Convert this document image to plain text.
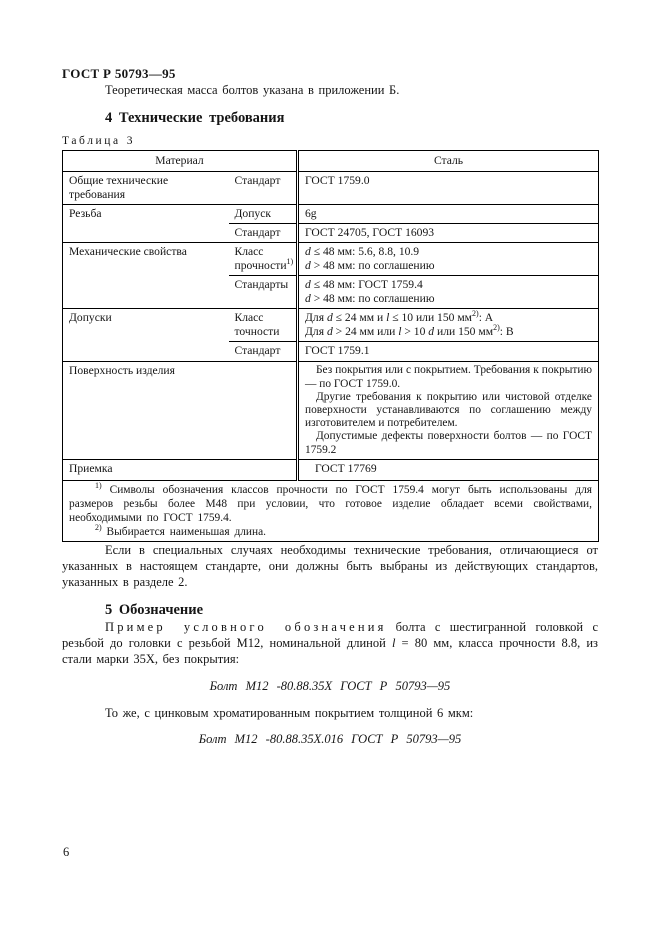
ГОСТ Р 50793—95

Теоретическая масса болтов указана в приложении Б.

4 Технические требования
Таблица 3
Материал		Сталь
Общие технические требования	Стандарт	ГОСТ 1759.0
Резьба	Допуск	6g
	Стандарт	ГОСТ 24705, ГОСТ 16093
Механические свойства	Класс прочности$^{1)}$	d ≤ 48 мм: 5.6, 8.8, 10.9
d > 48 мм: по соглашению

	Стандарты	d ≤ 48 мм: ГОСТ 1759.4
d > 48 мм: по соглашению

Допуски	Класс точности	Для d ≤ 24 мм и l ≤ 10 или 150 $мм^{2)}$: А
Для d > 24 мм или l > 10 d или 150 $мм^{2)}$: В

	Стандарт	ГОСТ 1759.1
Поверхность изделия		Без покрытия или с покрытием. Требования к покрытию — по ГОСТ 1759.0.

Другие требования к покрытию или чистовой отделке поверхности устанавливаются по соглашению между изготовителем и потребителем.

Допустимые дефекты поверхности болтов — по ГОСТ 1759.2

Приемка		ГОСТ 17769

$^{1)}$ Символы обозначения классов прочности по ГОСТ 1759.4 могут быть использованы для размеров резьбы более М48 при условии, что готовое изделие обладает всеми свойствами, необходимыми по ГОСТ 1759.4.

$^{2)}$ Выбирается наименьшая длина.		

Если в специальных случаях необходимы технические требования, отличающиеся от указанных в настоящем стандарте, они должны быть выбраны из действующих стандартов, указанных в разделе 2.

5 Обозначение

Пример условного обозначения болта с шестигранной головкой с резьбой до головки с резьбой М12, номинальной длиной l = 80 мм, класса прочности 8.8, из стали марки 35Х, без покрытия:

Болт М12 -80.88.35Х ГОСТ Р 50793—95

То же, с цинковым хроматированным покрытием толщиной 6 мкм:

Болт М12 -80.88.35Х.016 ГОСТ Р 50793—95
6
